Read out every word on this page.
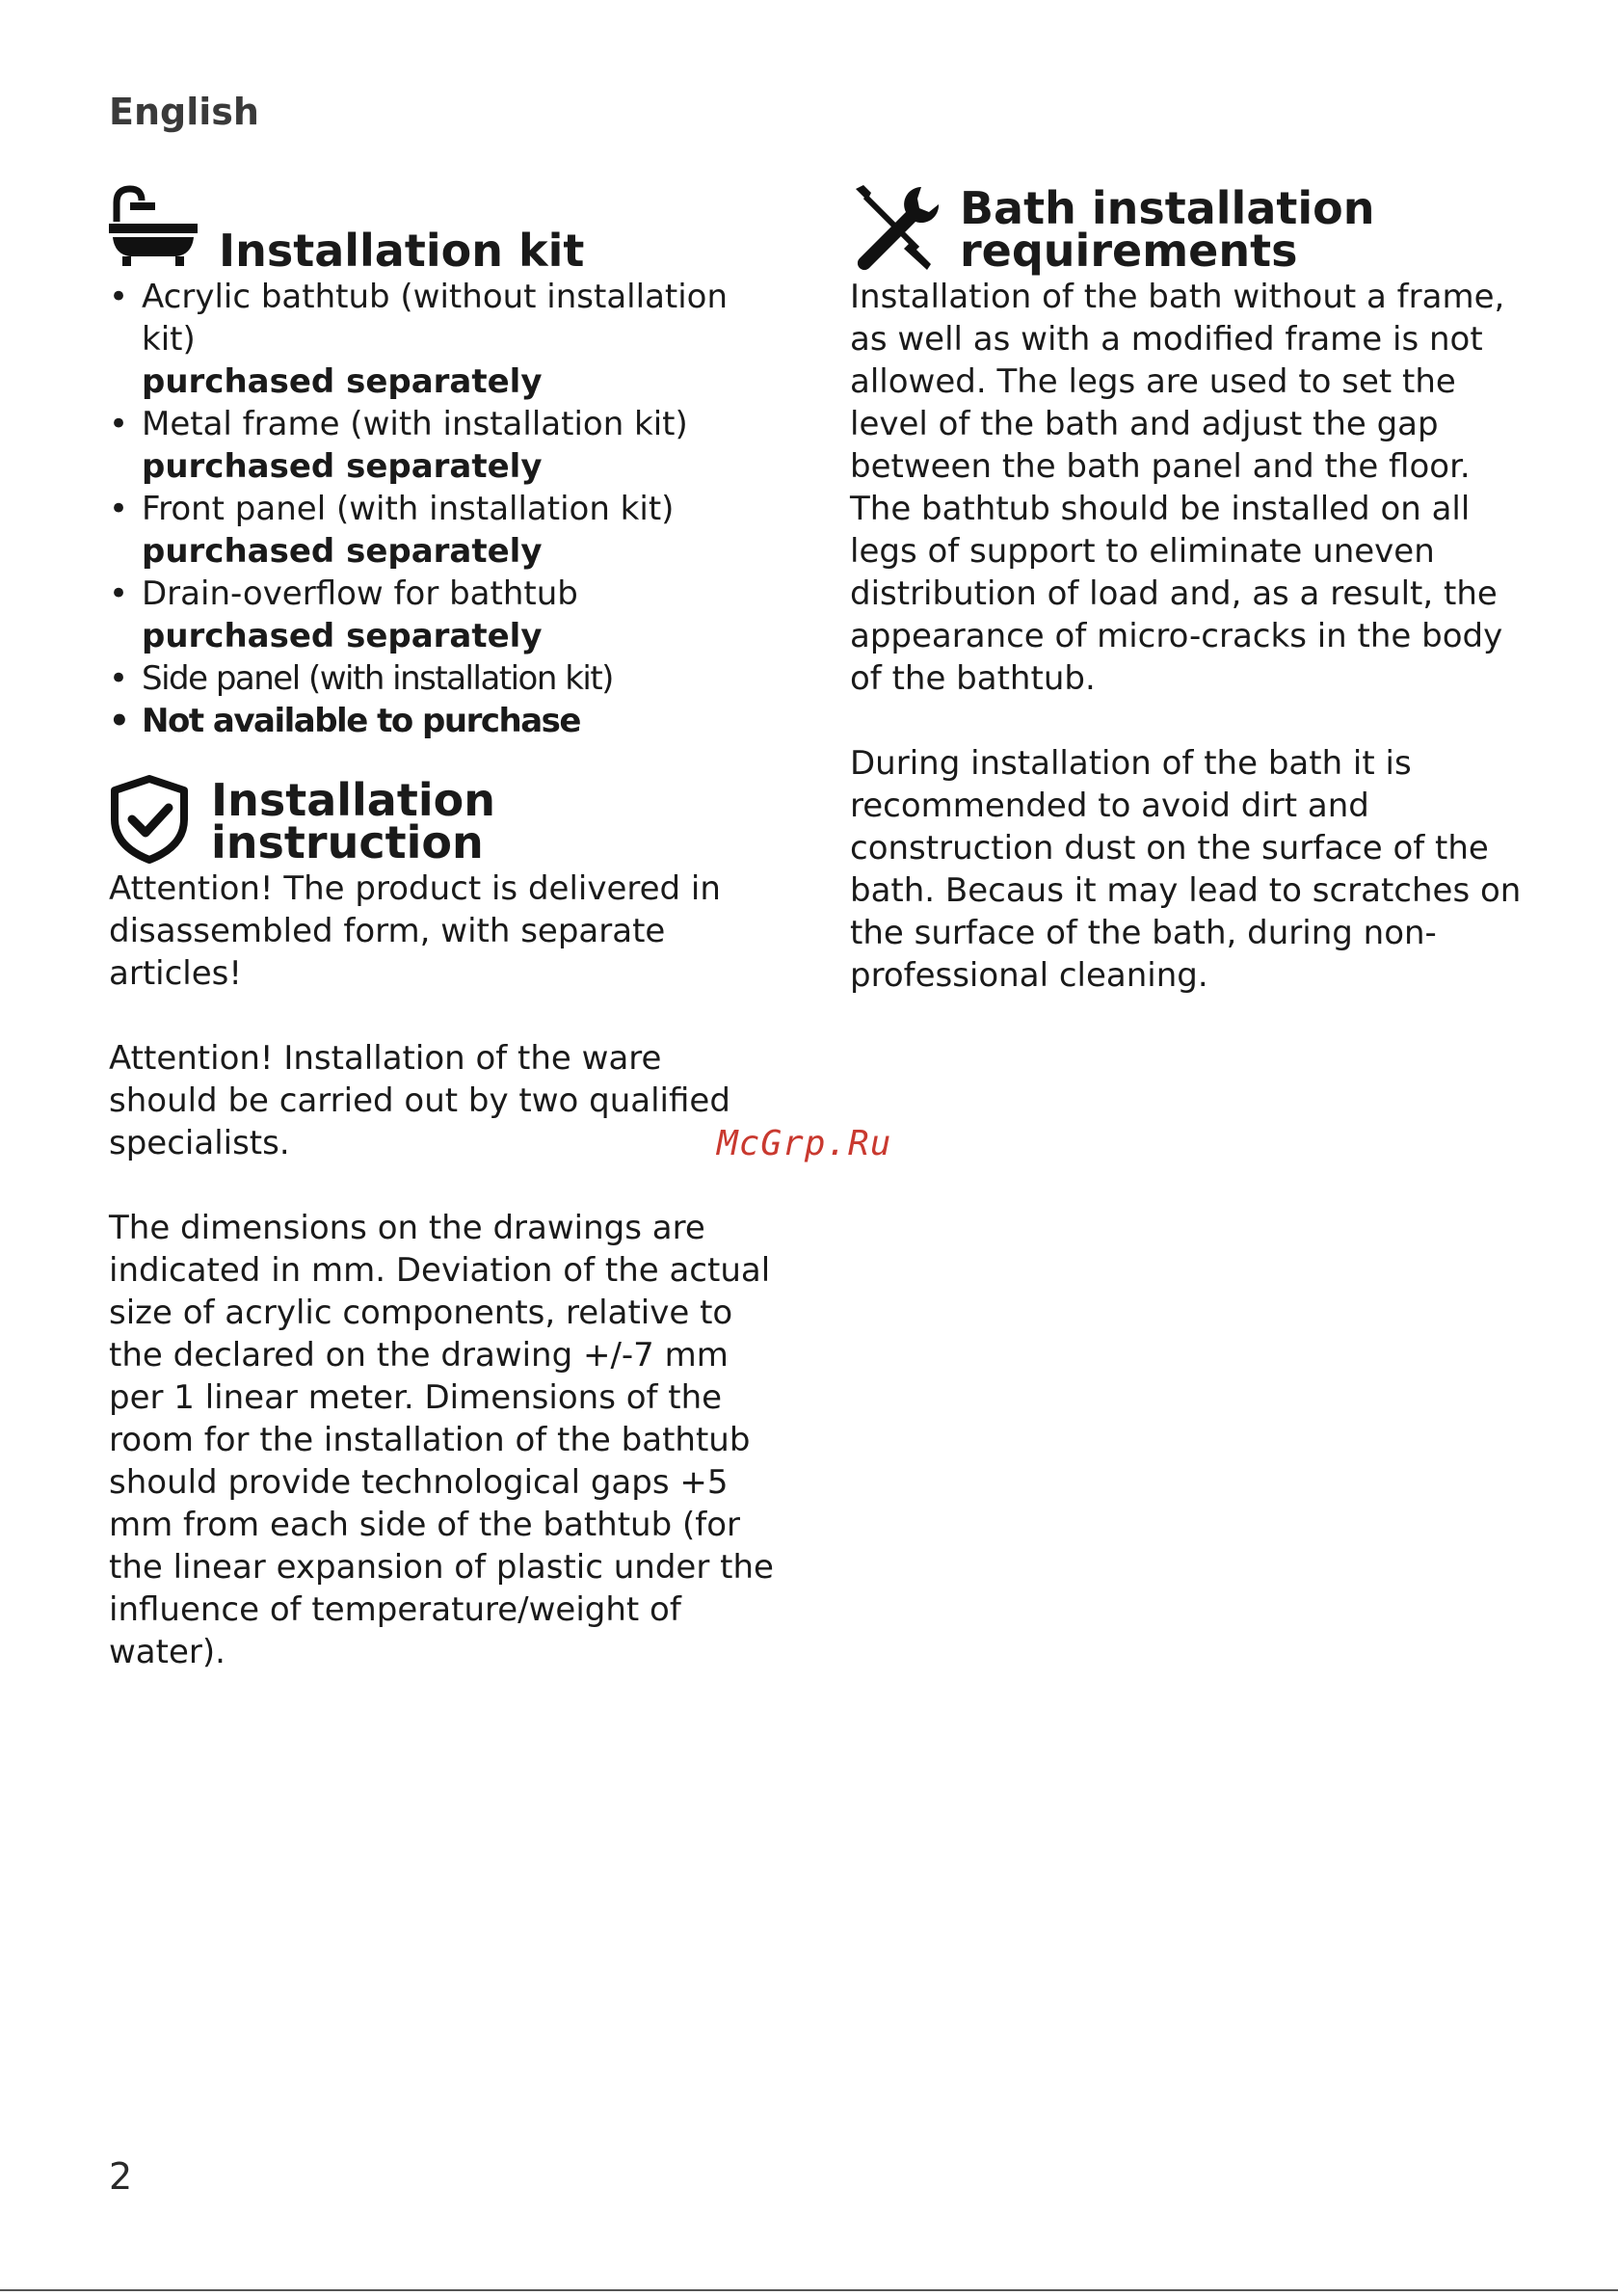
English
Installation kit
• Acrylic bathtub (without installation kit)
purchased separately
• Metal frame (with installation kit)
purchased separately
• Front panel (with installation kit)
purchased separately
• Drain-overflow for bathtub
purchased separately
• Side panel (with installation kit)
• Not available to purchase
Installation
instruction

Attention! The product is delivered in disassembled form, with separate articles!

Attention! Installation of the ware should be carried out by two qualified specialists.

The dimensions on the drawings are indicated in mm. Deviation of the actual size of acrylic components, relative to the declared on the drawing +/-7 mm per 1 linear meter. Dimensions of the room for the installation of the bathtub should provide technological gaps +5 mm from each side of the bathtub (for the linear expansion of plastic under the influence of temperature/weight of water).

Bath installation
requirements

Installation of the bath without a frame, as well as with a modified frame is not allowed. The legs are used to set the level of the bath and adjust the gap between the bath panel and the floor. The bathtub should be installed on all legs of support to eliminate uneven distribution of load and, as a result, the appearance of micro-cracks in the body of the bathtub.

During installation of the bath it is recommended to avoid dirt and construction dust on the surface of the bath. Becaus it may lead to scratches on the surface of the bath, during non-professional cleaning.

McGrp.Ru
2
